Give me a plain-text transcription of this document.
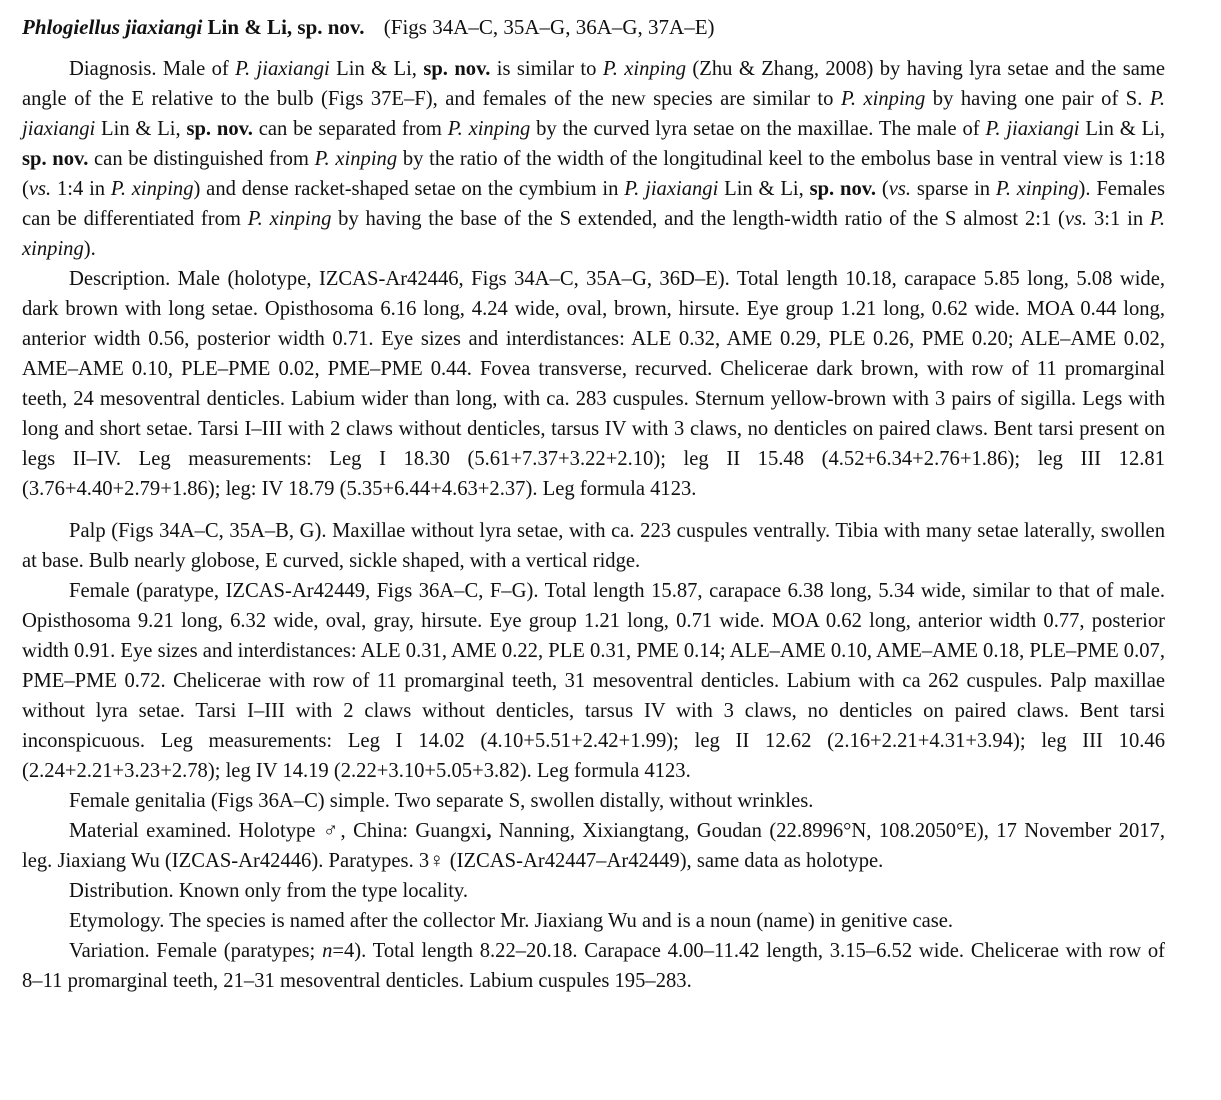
Phlogiellus jiaxiangi Lin & Li, sp. nov. (Figs 34A–C, 35A–G, 36A–G, 37A–E)

Diagnosis. Male of P. jiaxiangi Lin & Li, sp. nov. is similar to P. xinping (Zhu & Zhang, 2008) by having lyra setae and the same angle of the E relative to the bulb (Figs 37E–F), and females of the new species are similar to P. xinping by having one pair of S. P. jiaxiangi Lin & Li, sp. nov. can be separated from P. xinping by the curved lyra setae on the maxillae. The male of P. jiaxiangi Lin & Li, sp. nov. can be distinguished from P. xinping by the ratio of the width of the longitudinal keel to the embolus base in ventral view is 1:18 (vs. 1:4 in P. xinping) and dense racket-shaped setae on the cymbium in P. jiaxiangi Lin & Li, sp. nov. (vs. sparse in P. xinping). Females can be differentiated from P. xinping by having the base of the S extended, and the length-width ratio of the S almost 2:1 (vs. 3:1 in P. xinping).

Description. Male (holotype, IZCAS-Ar42446, Figs 34A–C, 35A–G, 36D–E). Total length 10.18, carapace 5.85 long, 5.08 wide, dark brown with long setae. Opisthosoma 6.16 long, 4.24 wide, oval, brown, hirsute. Eye group 1.21 long, 0.62 wide. MOA 0.44 long, anterior width 0.56, posterior width 0.71. Eye sizes and interdistances: ALE 0.32, AME 0.29, PLE 0.26, PME 0.20; ALE–AME 0.02, AME–AME 0.10, PLE–PME 0.02, PME–PME 0.44. Fovea transverse, recurved. Chelicerae dark brown, with row of 11 promarginal teeth, 24 mesoventral denticles. Labium wider than long, with ca. 283 cuspules. Sternum yellow-brown with 3 pairs of sigilla. Legs with long and short setae. Tarsi I–III with 2 claws without denticles, tarsus IV with 3 claws, no denticles on paired claws. Bent tarsi present on legs II–IV. Leg measurements: Leg I 18.30 (5.61+7.37+3.22+2.10); leg II 15.48 (4.52+6.34+2.76+1.86); leg III 12.81 (3.76+4.40+2.79+1.86); leg: IV 18.79 (5.35+6.44+4.63+2.37). Leg formula 4123.

Palp (Figs 34A–C, 35A–B, G). Maxillae without lyra setae, with ca. 223 cuspules ventrally. Tibia with many setae laterally, swollen at base. Bulb nearly globose, E curved, sickle shaped, with a vertical ridge.

Female (paratype, IZCAS-Ar42449, Figs 36A–C, F–G). Total length 15.87, carapace 6.38 long, 5.34 wide, similar to that of male. Opisthosoma 9.21 long, 6.32 wide, oval, gray, hirsute. Eye group 1.21 long, 0.71 wide. MOA 0.62 long, anterior width 0.77, posterior width 0.91. Eye sizes and interdistances: ALE 0.31, AME 0.22, PLE 0.31, PME 0.14; ALE–AME 0.10, AME–AME 0.18, PLE–PME 0.07, PME–PME 0.72. Chelicerae with row of 11 promarginal teeth, 31 mesoventral denticles. Labium with ca 262 cuspules. Palp maxillae without lyra setae. Tarsi I–III with 2 claws without denticles, tarsus IV with 3 claws, no denticles on paired claws. Bent tarsi inconspicuous. Leg measurements: Leg I 14.02 (4.10+5.51+2.42+1.99); leg II 12.62 (2.16+2.21+4.31+3.94); leg III 10.46 (2.24+2.21+3.23+2.78); leg IV 14.19 (2.22+3.10+5.05+3.82). Leg formula 4123.

Female genitalia (Figs 36A–C) simple. Two separate S, swollen distally, without wrinkles.

Material examined. Holotype ♂, China: Guangxi, Nanning, Xixiangtang, Goudan (22.8996°N, 108.2050°E), 17 November 2017, leg. Jiaxiang Wu (IZCAS-Ar42446). Paratypes. 3♀ (IZCAS-Ar42447–Ar42449), same data as holotype.

Distribution. Known only from the type locality.

Etymology. The species is named after the collector Mr. Jiaxiang Wu and is a noun (name) in genitive case.

Variation. Female (paratypes; n=4). Total length 8.22–20.18. Carapace 4.00–11.42 length, 3.15–6.52 wide. Chelicerae with row of 8–11 promarginal teeth, 21–31 mesoventral denticles. Labium cuspules 195–283.
